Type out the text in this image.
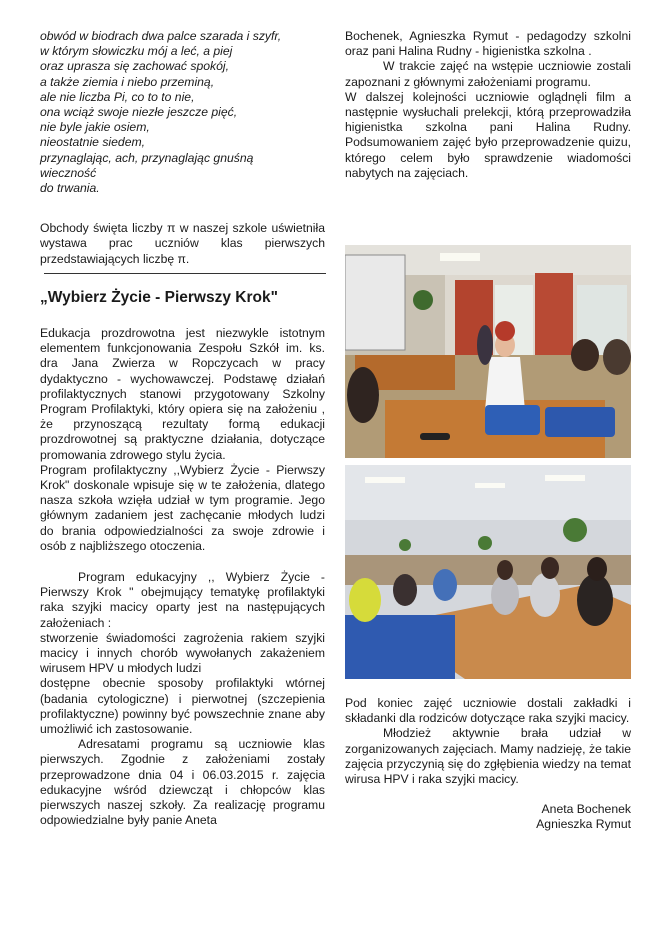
obwód w biodrach dwa palce szarada i szyfr,

w którym słowiczku mój a leć, a piej

oraz uprasza się zachować spokój,

a także ziemia i niebo przeminą,

ale nie liczba Pi, co to to nie,

ona wciąż swoje niezłe jeszcze pięć,

nie byle jakie osiem,

nieostatnie siedem,

przynaglając, ach, przynaglając gnuśną

wieczność

do trwania.

Obchody święta liczby π w naszej szkole uświetniła wystawa prac uczniów klas pierwszych przedstawiających liczbę π.

„Wybierz Życie - Pierwszy Krok"

Edukacja prozdrowotna jest niezwykle istotnym elementem funkcjonowania Zespołu Szkół im. ks. dra Jana Zwierza w Ropczycach w pracy dydaktyczno - wychowawczej. Podstawę działań profilaktycznych stanowi przygotowany Szkolny Program Profilaktyki, który opiera się na założeniu , że przynoszącą rezultaty formą edukacji prozdrowotnej są praktyczne działania, dotyczące promowania zdrowego stylu życia.

Program profilaktyczny ,,Wybierz Życie - Pierwszy Krok" doskonale wpisuje się w te założenia, dlatego nasza szkoła wzięła udział w tym programie. Jego głównym zadaniem jest zachęcanie młodych ludzi do brania odpowiedzialności za swoje zdrowie i osób z najbliższego otoczenia.

Program edukacyjny ,, Wybierz Życie - Pierwszy Krok " obejmujący tematykę profilaktyki raka szyjki macicy oparty jest na następujących założeniach :

stworzenie świadomości zagrożenia rakiem szyjki macicy i innych chorób wywołanych zakażeniem wirusem HPV u młodych ludzi

dostępne obecnie sposoby profilaktyki wtórnej (badania cytologiczne) i pierwotnej (szczepienia profilaktyczne) powinny być powszechnie znane aby umożliwić ich zastosowanie.

Adresatami programu są uczniowie klas pierwszych. Zgodnie z założeniami zostały przeprowadzone dnia 04 i 06.03.2015 r. zajęcia edukacyjne wśród dziewcząt i chłopców klas pierwszych naszej szkoły. Za realizację programu odpowiedzialne były panie Aneta

Bochenek, Agnieszka Rymut - pedagodzy szkolni oraz pani Halina Rudny - higienistka szkolna .

W trakcie zajęć na wstępie uczniowie zostali zapoznani z głównymi założeniami programu.

W dalszej kolejności uczniowie oglądnęli film a następnie wysłuchali prelekcji, którą przeprowadziła higienistka szkolna pani Halina Rudny. Podsumowaniem zajęć było przeprowadzenie quizu, którego celem było sprawdzenie wiadomości nabytych na zajęciach.

Pod koniec zajęć uczniowie dostali zakładki i składanki dla rodziców dotyczące raka szyjki macicy.

Młodzież aktywnie brała udział w zorganizowanych zajęciach. Mamy nadzieję, że takie zajęcia przyczynią się do zgłębienia wiedzy na temat wirusa HPV i raka szyjki macicy.

Aneta Bochenek

Agnieszka Rymut
